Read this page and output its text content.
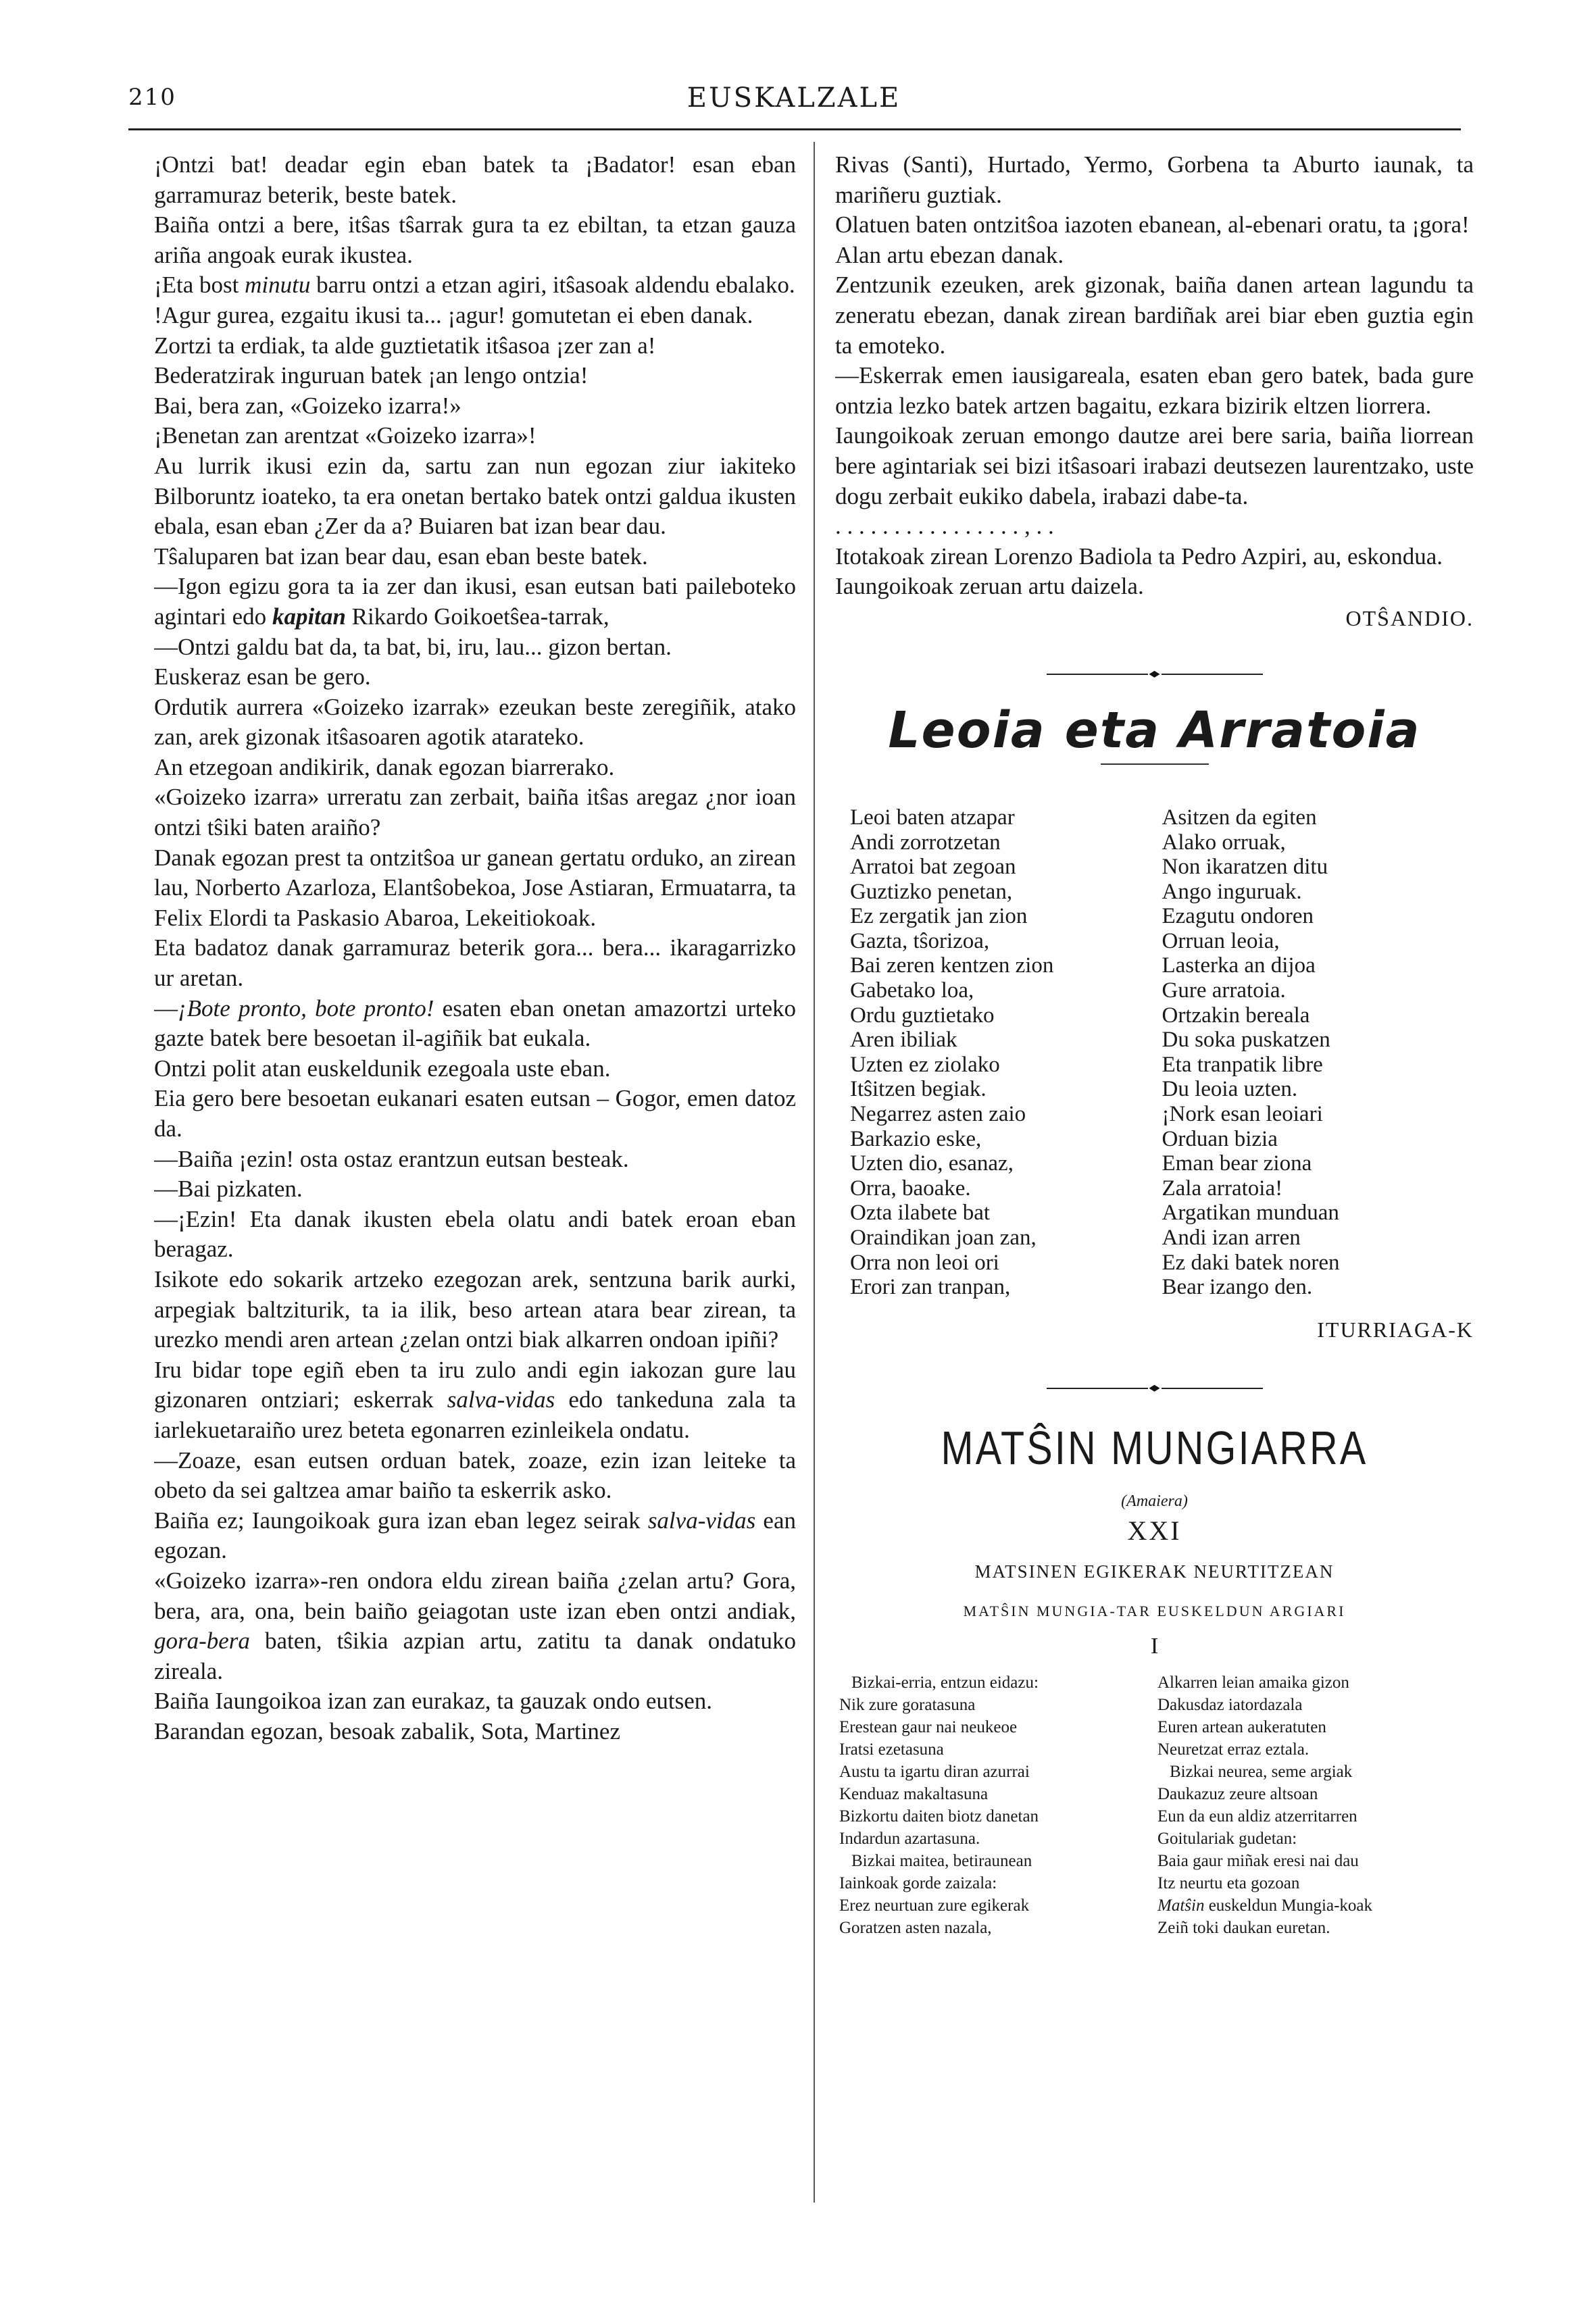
210	EUSKALZALE

¡Ontzi bat! deadar egin eban batek ta ¡Badator! esan eban garramuraz beterik, beste batek.

Baiña ontzi a bere, itŝas tŝarrak gura ta ez ebiltan, ta etzan gauza ariña angoak eurak ikustea.

¡Eta bost minutu barru ontzi a etzan agiri, itŝasoak aldendu ebalako.

!Agur gurea, ezgaitu ikusi ta... ¡agur! gomutetan ei eben danak.

Zortzi ta erdiak, ta alde guztietatik itŝasoa ¡zer zan a!

Bederatzirak inguruan batek ¡an lengo ontzia!

Bai, bera zan, «Goizeko izarra!»

¡Benetan zan arentzat «Goizeko izarra»!

Au lurrik ikusi ezin da, sartu zan nun egozan ziur iakiteko Bilboruntz ioateko, ta era onetan bertako batek ontzi galdua ikusten ebala, esan eban ¿Zer da a? Buiaren bat izan bear dau.

Tŝaluparen bat izan bear dau, esan eban beste batek.

—Igon egizu gora ta ia zer dan ikusi, esan eutsan bati paileboteko agintari edo kapitan Rikardo Goikoetŝea-tarrak,

—Ontzi galdu bat da, ta bat, bi, iru, lau... gizon bertan.

Euskeraz esan be gero.

Ordutik aurrera «Goizeko izarrak» ezeukan beste zeregiñik, atako zan, arek gizonak itŝasoaren agotik atarateko.

An etzegoan andikirik, danak egozan biarrerako.

«Goizeko izarra» urreratu zan zerbait, baiña itŝas aregaz ¿nor ioan ontzi tŝiki baten araiño?

Danak egozan prest ta ontzitŝoa ur ganean gertatu orduko, an zirean lau, Norberto Azarloza, Elantŝobekoa, Jose Astiaran, Ermuatarra, ta Felix Elordi ta Paskasio Abaroa, Lekeitiokoak.

Eta badatoz danak garramuraz beterik gora... bera... ikaragarrizko ur aretan.

—¡Bote pronto, bote pronto! esaten eban onetan amazortzi urteko gazte batek bere besoetan il-agiñik bat eukala.

Ontzi polit atan euskeldunik ezegoala uste eban.

Eia gero bere besoetan eukanari esaten eutsan – Gogor, emen datoz da.

—Baiña ¡ezin! osta ostaz erantzun eutsan besteak.

—Bai pizkaten.

—¡Ezin! Eta danak ikusten ebela olatu andi batek eroan eban beragaz.

Isikote edo sokarik artzeko ezegozan arek, sentzuna barik aurki, arpegiak baltziturik, ta ia ilik, beso artean atara bear zirean, ta urezko mendi aren artean ¿zelan ontzi biak alkarren ondoan ipiñi?

Iru bidar tope egiñ eben ta iru zulo andi egin iakozan gure lau gizonaren ontziari; eskerrak salva-vidas edo tankeduna zala ta iarlekuetaraiño urez beteta egonarren ezinleikela ondatu.

—Zoaze, esan eutsen orduan batek, zoaze, ezin izan leiteke ta obeto da sei galtzea amar baiño ta eskerrik asko.

Baiña ez; Iaungoikoak gura izan eban legez seirak salva-vidas ean egozan.

«Goizeko izarra»-ren ondora eldu zirean baiña ¿zelan artu? Gora, bera, ara, ona, bein baiño geiagotan uste izan eben ontzi andiak, gora-bera baten, tŝikia azpian artu, zatitu ta danak ondatuko zireala.

Baiña Iaungoikoa izan zan eurakaz, ta gauzak ondo eutsen.

Barandan egozan, besoak zabalik, Sota, Martinez

Rivas (Santi), Hurtado, Yermo, Gorbena ta Aburto iaunak, ta mariñeru guztiak.

Olatuen baten ontzitŝoa iazoten ebanean, al-ebenari oratu, ta ¡gora!

Alan artu ebezan danak.

Zentzunik ezeuken, arek gizonak, baiña danen artean lagundu ta zeneratu ebezan, danak zirean bardiñak arei biar eben guztia egin ta emoteko.

—Eskerrak emen iausigareala, esaten eban gero batek, bada gure ontzia lezko batek artzen bagaitu, ezkara bizirik eltzen liorrera.

Iaungoikoak zeruan emongo dautze arei bere saria, baiña liorrean bere agintariak sei bizi itŝasoari irabazi deutsezen laurentzako, uste dogu zerbait eukiko dabela, irabazi dabe-ta.

. . . . . . . . . . . . . . . . , . .

Itotakoak zirean Lorenzo Badiola ta Pedro Azpiri, au, eskondua.

Iaungoikoak zeruan artu daizela.

OTŜANDIO.
Leoia eta Arratoia
Leoi baten atzapar
Andi zorrotzetan
Arratoi bat zegoan
Guztizko penetan,
Ez zergatik jan zion
Gazta, tŝorizoa,
Bai zeren kentzen zion
Gabetako loa,
Ordu guztietako
Aren ibiliak
Uzten ez ziolako
Itŝitzen begiak.
Negarrez asten zaio
Barkazio eske,
Uzten dio, esanaz,
Orra, baoake.
Ozta ilabete bat
Oraindikan joan zan,
Orra non leoi ori
Erori zan tranpan,
Asitzen da egiten
Alako orruak,
Non ikaratzen ditu
Ango inguruak.
Ezagutu ondoren
Orruan leoia,
Lasterka an dijoa
Gure arratoia.
Ortzakin bereala
Du soka puskatzen
Eta tranpatik libre
Du leoia uzten.
¡Nork esan leoiari
Orduan bizia
Eman bear ziona
Zala arratoia!
Argatikan munduan
Andi izan arren
Ez daki batek noren
Bear izango den.
ITURRIAGA-K
MATŜIN MUNGIARRA
(Amaiera)
XXI
MATSINEN EGIKERAK NEURTITZEAN
MATŜIN MUNGIA-TAR EUSKELDUN ARGIARI
I
Bizkai-erria, entzun eidazu:
Nik zure goratasuna
Erestean gaur nai neukeoe
Iratsi ezetasuna
Austu ta igartu diran azurrai
Kenduaz makaltasuna
Bizkortu daiten biotz danetan
Indardun azartasuna.
Bizkai maitea, betiraunean
Iainkoak gorde zaizala:
Erez neurtuan zure egikerak
Goratzen asten nazala,
Alkarren leian amaika gizon
Dakusdaz iatordazala
Euren artean aukeratuten
Neuretzat erraz eztala.
Bizkai neurea, seme argiak
Daukazuz zeure altsoan
Eun da eun aldiz atzerritarren
Goitulariak gudetan:
Baia gaur miñak eresi nai dau
Itz neurtu eta gozoan
Matŝin euskeldun Mungia-koak
Zeiñ toki daukan euretan.
